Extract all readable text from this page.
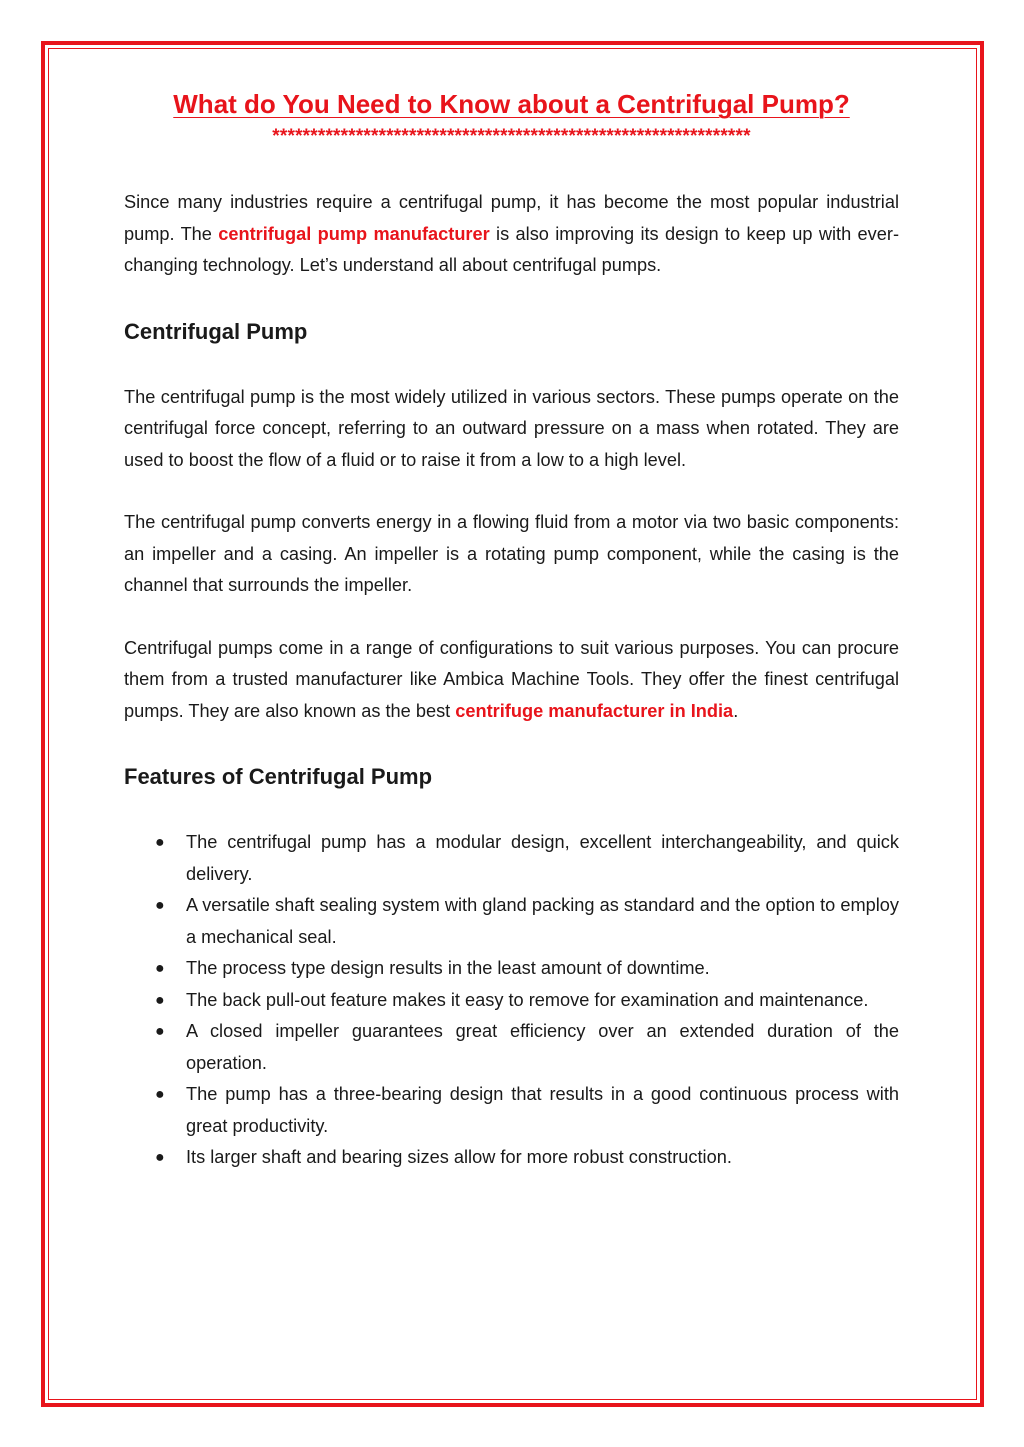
What do You Need to Know about a Centrifugal Pump?
***************************************************************

Since many industries require a centrifugal pump, it has become the most popular industrial pump. The centrifugal pump manufacturer is also improving its design to keep up with ever-changing technology. Let’s understand all about centrifugal pumps.

Centrifugal Pump

The centrifugal pump is the most widely utilized in various sectors. These pumps operate on the centrifugal force concept, referring to an outward pressure on a mass when rotated. They are used to boost the flow of a fluid or to raise it from a low to a high level.

The centrifugal pump converts energy in a flowing fluid from a motor via two basic components: an impeller and a casing. An impeller is a rotating pump component, while the casing is the channel that surrounds the impeller.

Centrifugal pumps come in a range of configurations to suit various purposes. You can procure them from a trusted manufacturer like Ambica Machine Tools. They offer the finest centrifugal pumps. They are also known as the best centrifuge manufacturer in India.

Features of Centrifugal Pump
● The centrifugal pump has a modular design, excellent interchangeability, and quick delivery.
● A versatile shaft sealing system with gland packing as standard and the option to employ a mechanical seal.
● The process type design results in the least amount of downtime.
● The back pull-out feature makes it easy to remove for examination and maintenance.
● A closed impeller guarantees great efficiency over an extended duration of the operation.
● The pump has a three-bearing design that results in a good continuous process with great productivity.
● Its larger shaft and bearing sizes allow for more robust construction.
